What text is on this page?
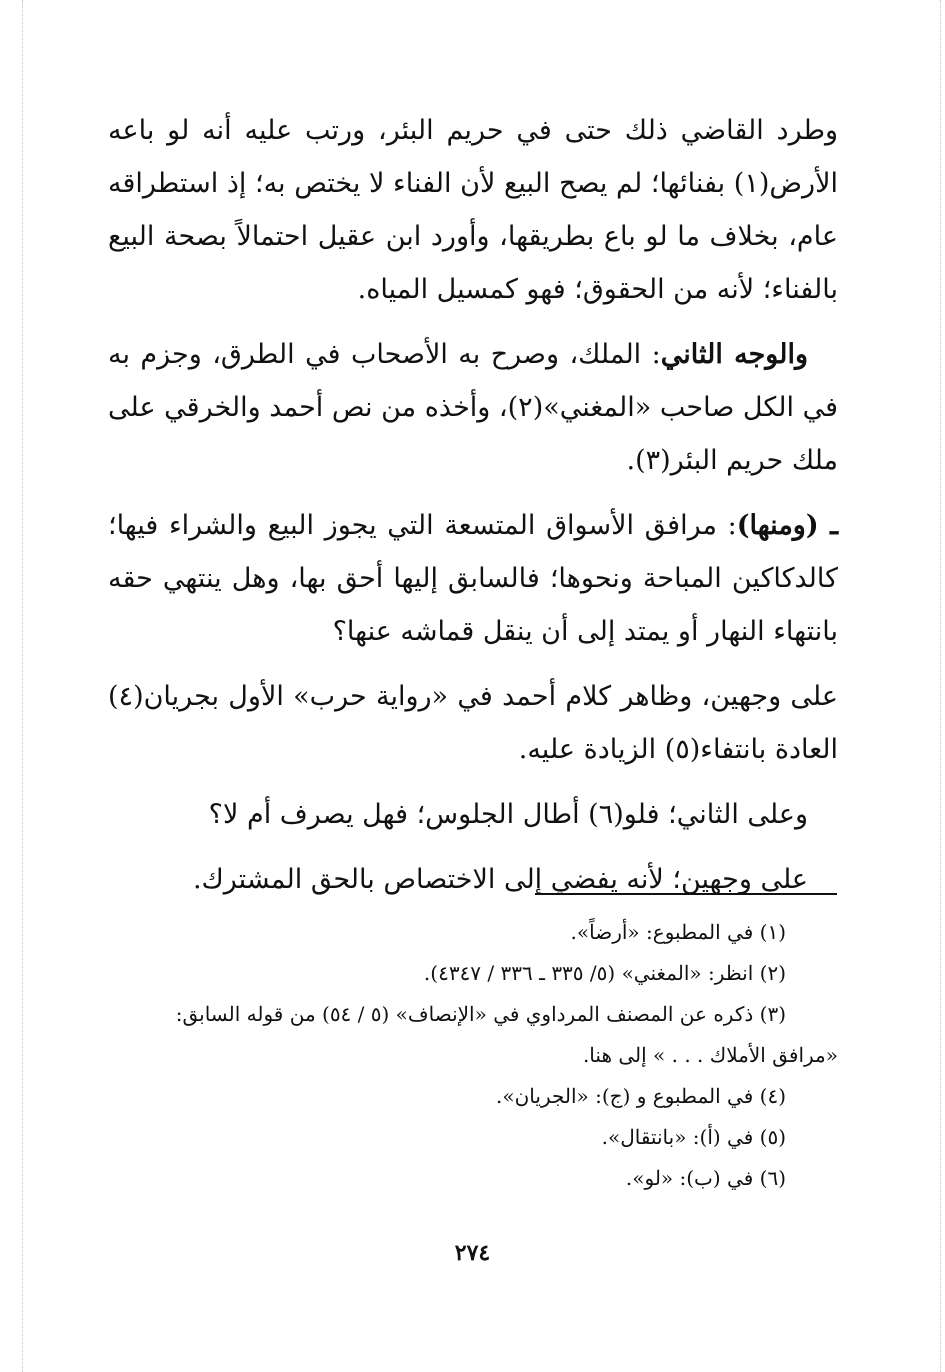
وطرد القاضي ذلك حتى في حريم البئر، ورتب عليه أنه لو باعه الأرض(١) بفنائها؛ لم يصح البيع لأن الفناء لا يختص به؛ إذ استطراقه عام، بخلاف ما لو باع بطريقها، وأورد ابن عقيل احتمالاً بصحة البيع بالفناء؛ لأنه من الحقوق؛ فهو كمسيل المياه.

والوجه الثاني: الملك، وصرح به الأصحاب في الطرق، وجزم به في الكل صاحب «المغني»(٢)، وأخذه من نص أحمد والخرقي على ملك حريم البئر(٣).

ـ (ومنها): مرافق الأسواق المتسعة التي يجوز البيع والشراء فيها؛ كالدكاكين المباحة ونحوها؛ فالسابق إليها أحق بها، وهل ينتهي حقه بانتهاء النهار أو يمتد إلى أن ينقل قماشه عنها؟

على وجهين، وظاهر كلام أحمد في «رواية حرب» الأول بجريان(٤) العادة بانتفاء(٥) الزيادة عليه.

وعلى الثاني؛ فلو(٦) أطال الجلوس؛ فهل يصرف أم لا؟

على وجهين؛ لأنه يفضي إلى الاختصاص بالحق المشترك.

(١) في المطبوع: «أرضاً».

(٢) انظر: «المغني» (٥/ ٣٣٥ ـ ٣٣٦ / ٤٣٤٧).

(٣) ذكره عن المصنف المرداوي في «الإنصاف» (٥ / ٥٤) من قوله السابق:

«مرافق الأملاك . . . » إلى هنا.

(٤) في المطبوع و (ج): «الجريان».

(٥) في (أ): «بانتقال».

(٦) في (ب): «لو».

٢٧٤
